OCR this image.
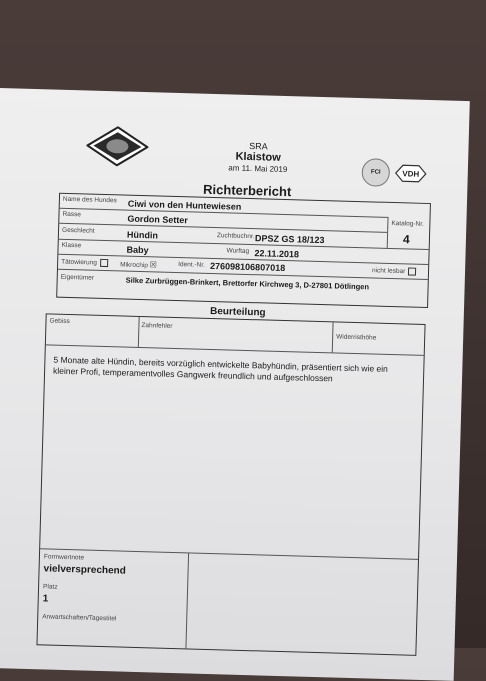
SRA
Klaistow
am 11. Mai 2019	FCI	VDH
Richterbericht
Name des Hundes Ciwi von den Huntewiesen
Rasse	Gordon Setter	Katalog-Nr.
4
Geschlecht	Hündin	Zuchtbuchnr. DPSZ GS 18/123
Klasse	Baby	Wurftag 22.11.2018
Tätowierung	Mikrochip ☒	Ident.-Nr. 276098106807018	nicht lesbar
Eigentümer	Silke Zurbrüggen-Brinkert, Brettorfer Kirchweg 3, D-27801 Dötlingen
Beurteilung
Gebiss
Zahnfehler
Widerristhöhe
5 Monate alte Hündin, bereits vorzüglich entwickelte Babyhündin, präsentiert sich wie ein kleiner Profi, temperamentvolles Gangwerk freundlich und aufgeschlossen
Formwertnote
vielversprechend
Platz
1
Anwartschaften/Tagestitel
